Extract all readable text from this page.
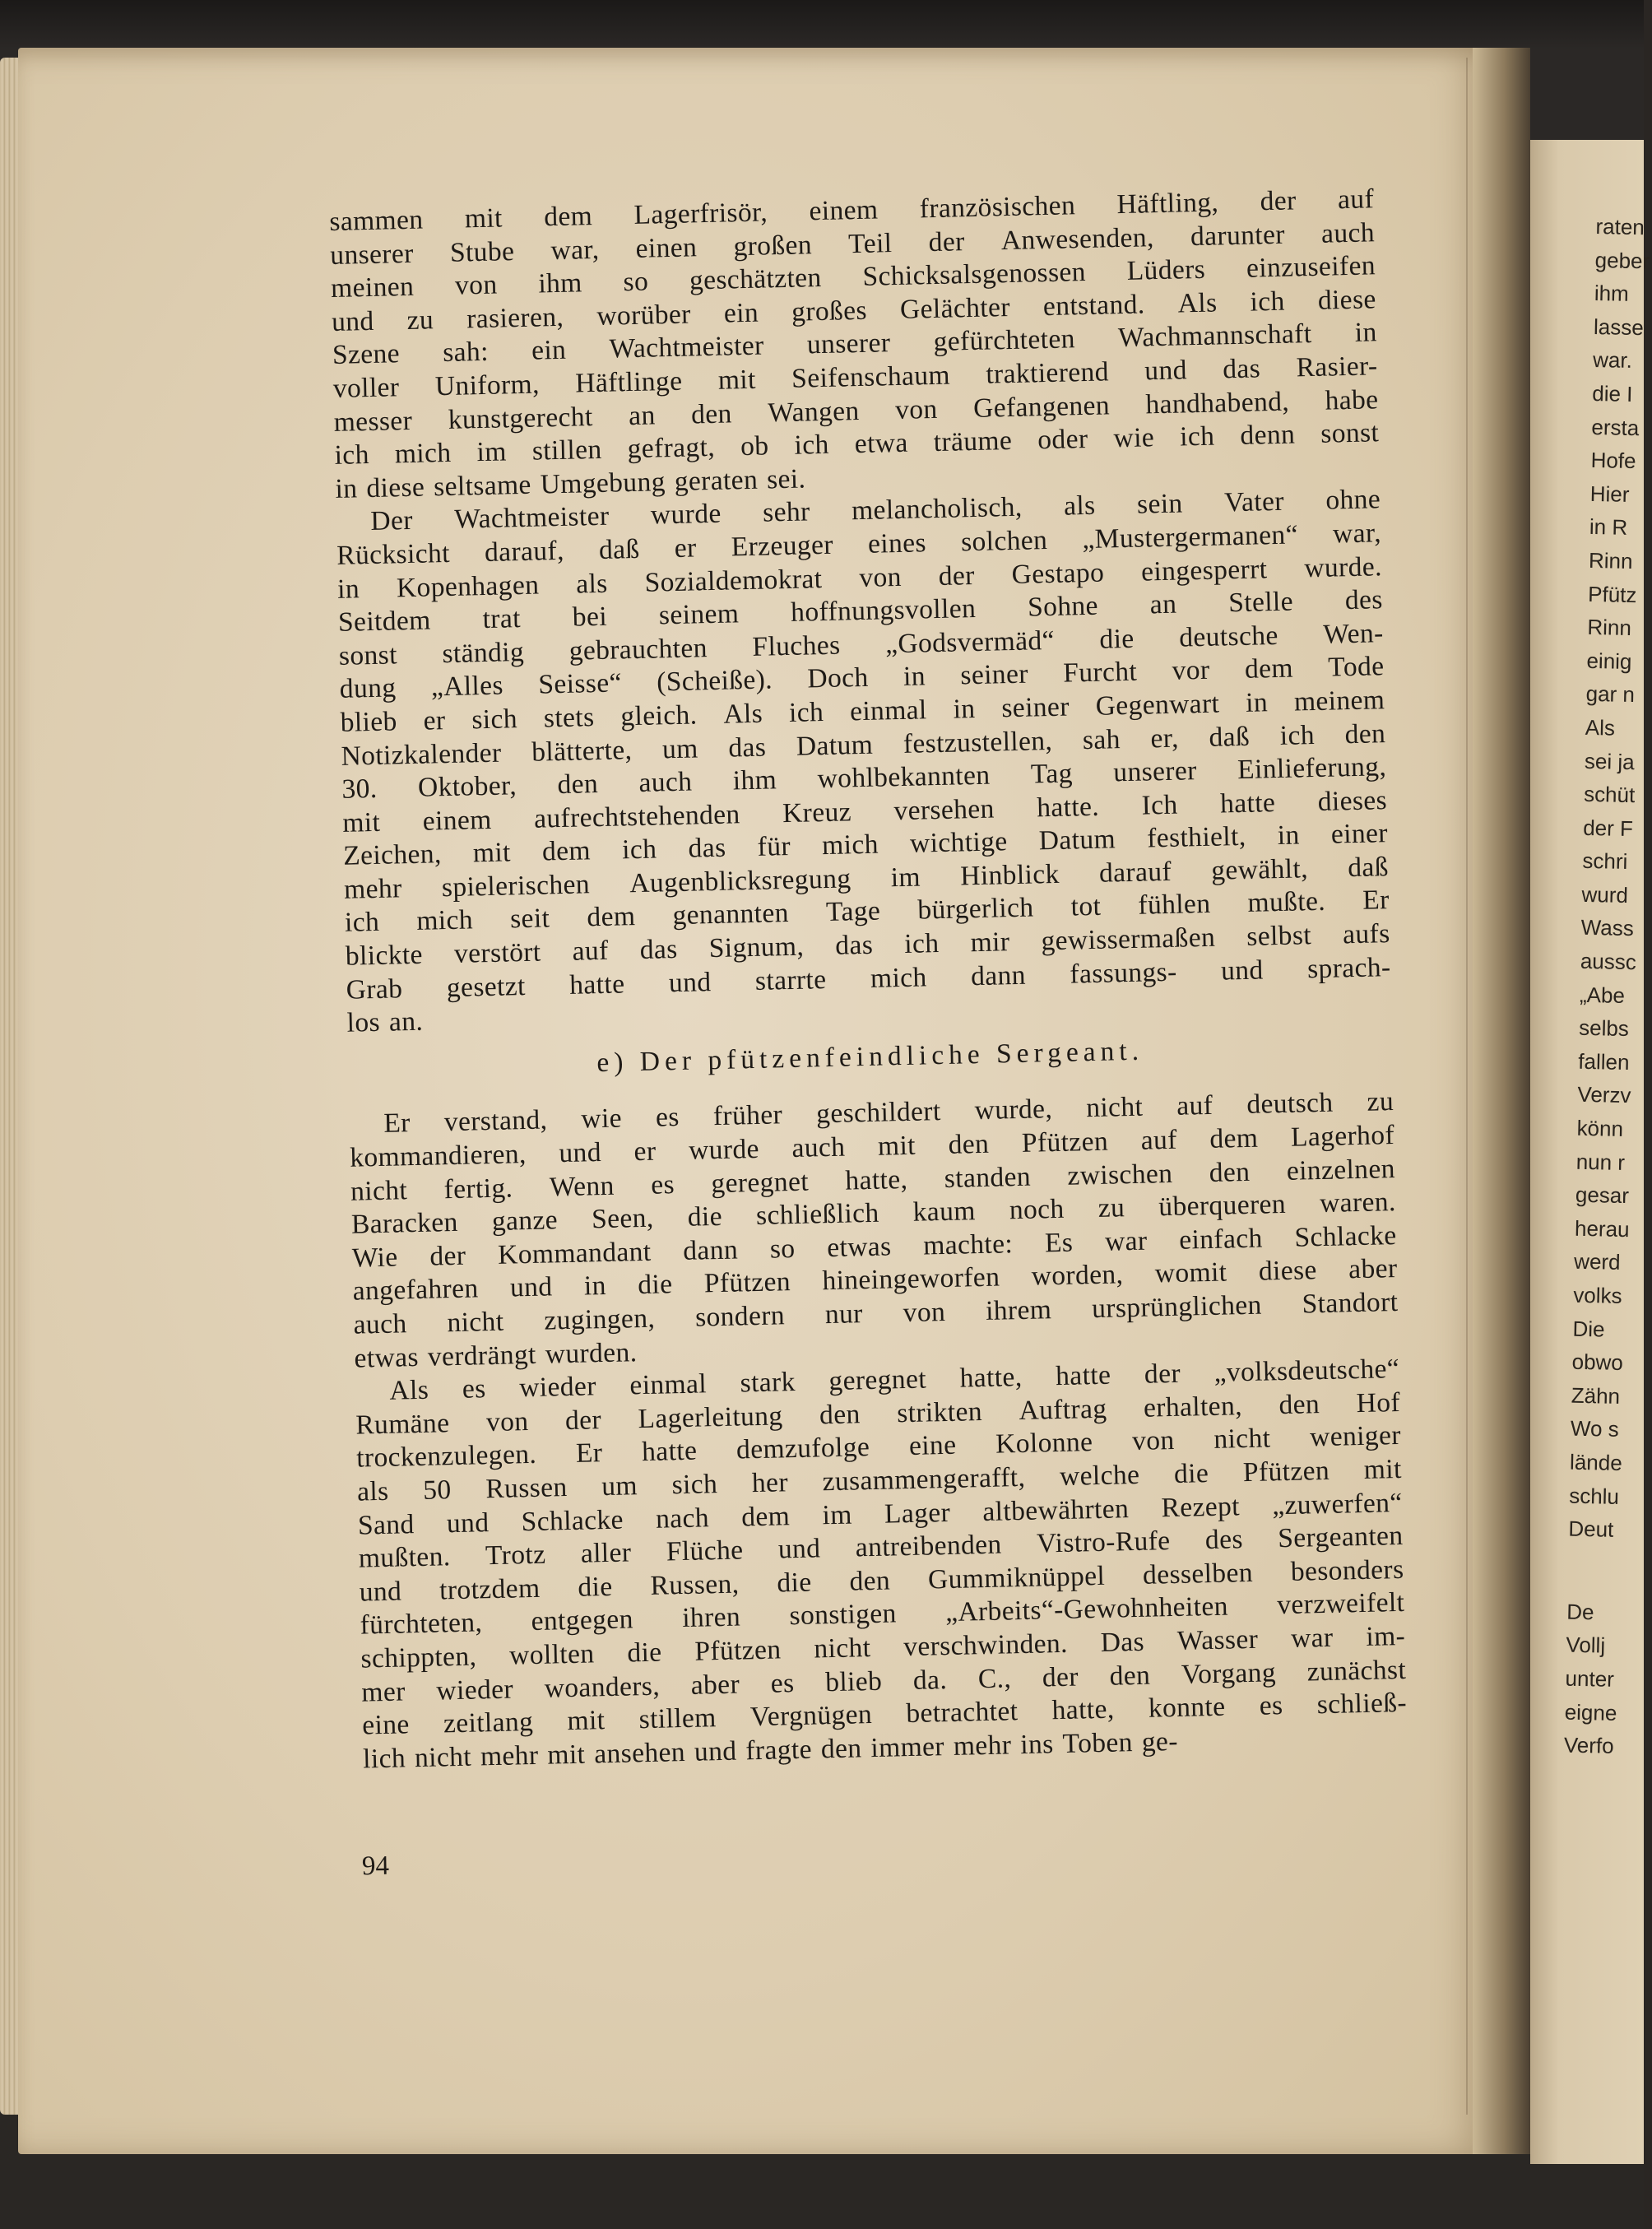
sammen mit dem Lagerfrisör, einem französischen Häftling, der auf
unserer Stube war, einen großen Teil der Anwesenden, darunter auch
meinen von ihm so geschätzten Schicksalsgenossen Lüders einzuseifen
und zu rasieren, worüber ein großes Gelächter entstand. Als ich diese
Szene sah: ein Wachtmeister unserer gefürchteten Wachmannschaft in
voller Uniform, Häftlinge mit Seifenschaum traktierend und das Rasier-
messer kunstgerecht an den Wangen von Gefangenen handhabend, habe
ich mich im stillen gefragt, ob ich etwa träume oder wie ich denn sonst
in diese seltsame Umgebung geraten sei.
Der Wachtmeister wurde sehr melancholisch, als sein Vater ohne
Rücksicht darauf, daß er Erzeuger eines solchen „Mustergermanen“ war,
in Kopenhagen als Sozialdemokrat von der Gestapo eingesperrt wurde.
Seitdem trat bei seinem hoffnungsvollen Sohne an Stelle des
sonst ständig gebrauchten Fluches „Godsvermäd“ die deutsche Wen-
dung „Alles Seisse“ (Scheiße). Doch in seiner Furcht vor dem Tode
blieb er sich stets gleich. Als ich einmal in seiner Gegenwart in meinem
Notizkalender blätterte, um das Datum festzustellen, sah er, daß ich den
30. Oktober, den auch ihm wohlbekannten Tag unserer Einlieferung,
mit einem aufrechtstehenden Kreuz versehen hatte. Ich hatte dieses
Zeichen, mit dem ich das für mich wichtige Datum festhielt, in einer
mehr spielerischen Augenblicksregung im Hinblick darauf gewählt, daß
ich mich seit dem genannten Tage bürgerlich tot fühlen mußte. Er
blickte verstört auf das Signum, das ich mir gewissermaßen selbst aufs
Grab gesetzt hatte und starrte mich dann fassungs- und sprach-
los an.
e) Der pfützenfeindliche Sergeant.
Er verstand, wie es früher geschildert wurde, nicht auf deutsch zu
kommandieren, und er wurde auch mit den Pfützen auf dem Lagerhof
nicht fertig. Wenn es geregnet hatte, standen zwischen den einzelnen
Baracken ganze Seen, die schließlich kaum noch zu überqueren waren.
Wie der Kommandant dann so etwas machte: Es war einfach Schlacke
angefahren und in die Pfützen hineingeworfen worden, womit diese aber
auch nicht zugingen, sondern nur von ihrem ursprünglichen Standort
etwas verdrängt wurden.
Als es wieder einmal stark geregnet hatte, hatte der „volksdeutsche“
Rumäne von der Lagerleitung den strikten Auftrag erhalten, den Hof
trockenzulegen. Er hatte demzufolge eine Kolonne von nicht weniger
als 50 Russen um sich her zusammengerafft, welche die Pfützen mit
Sand und Schlacke nach dem im Lager altbewährten Rezept „zuwerfen“
mußten. Trotz aller Flüche und antreibenden Vistro-Rufe des Sergeanten
und trotzdem die Russen, die den Gummiknüppel desselben besonders
fürchteten, entgegen ihren sonstigen „Arbeits“-Gewohnheiten verzweifelt
schippten, wollten die Pfützen nicht verschwinden. Das Wasser war im-
mer wieder woanders, aber es blieb da. C., der den Vorgang zunächst
eine zeitlang mit stillem Vergnügen betrachtet hatte, konnte es schließ-
lich nicht mehr mit ansehen und fragte den immer mehr ins Toben ge-
94
raten
geber
ihm
lasse
war.
die I
ersta
Hofe
Hier
in R
Rinn
Pfütz
Rinn
einig
gar n
Als
sei ja
schüt
der F
schri
wurd
Wass
aussc
„Abe
selbs
fallen
Verzv
könn
nun r
gesar
herau
werd
volks
Die
obwo
Zähn
Wo s
lände
schlu
Deut
De
Vollj
unter
eigne
Verfo
